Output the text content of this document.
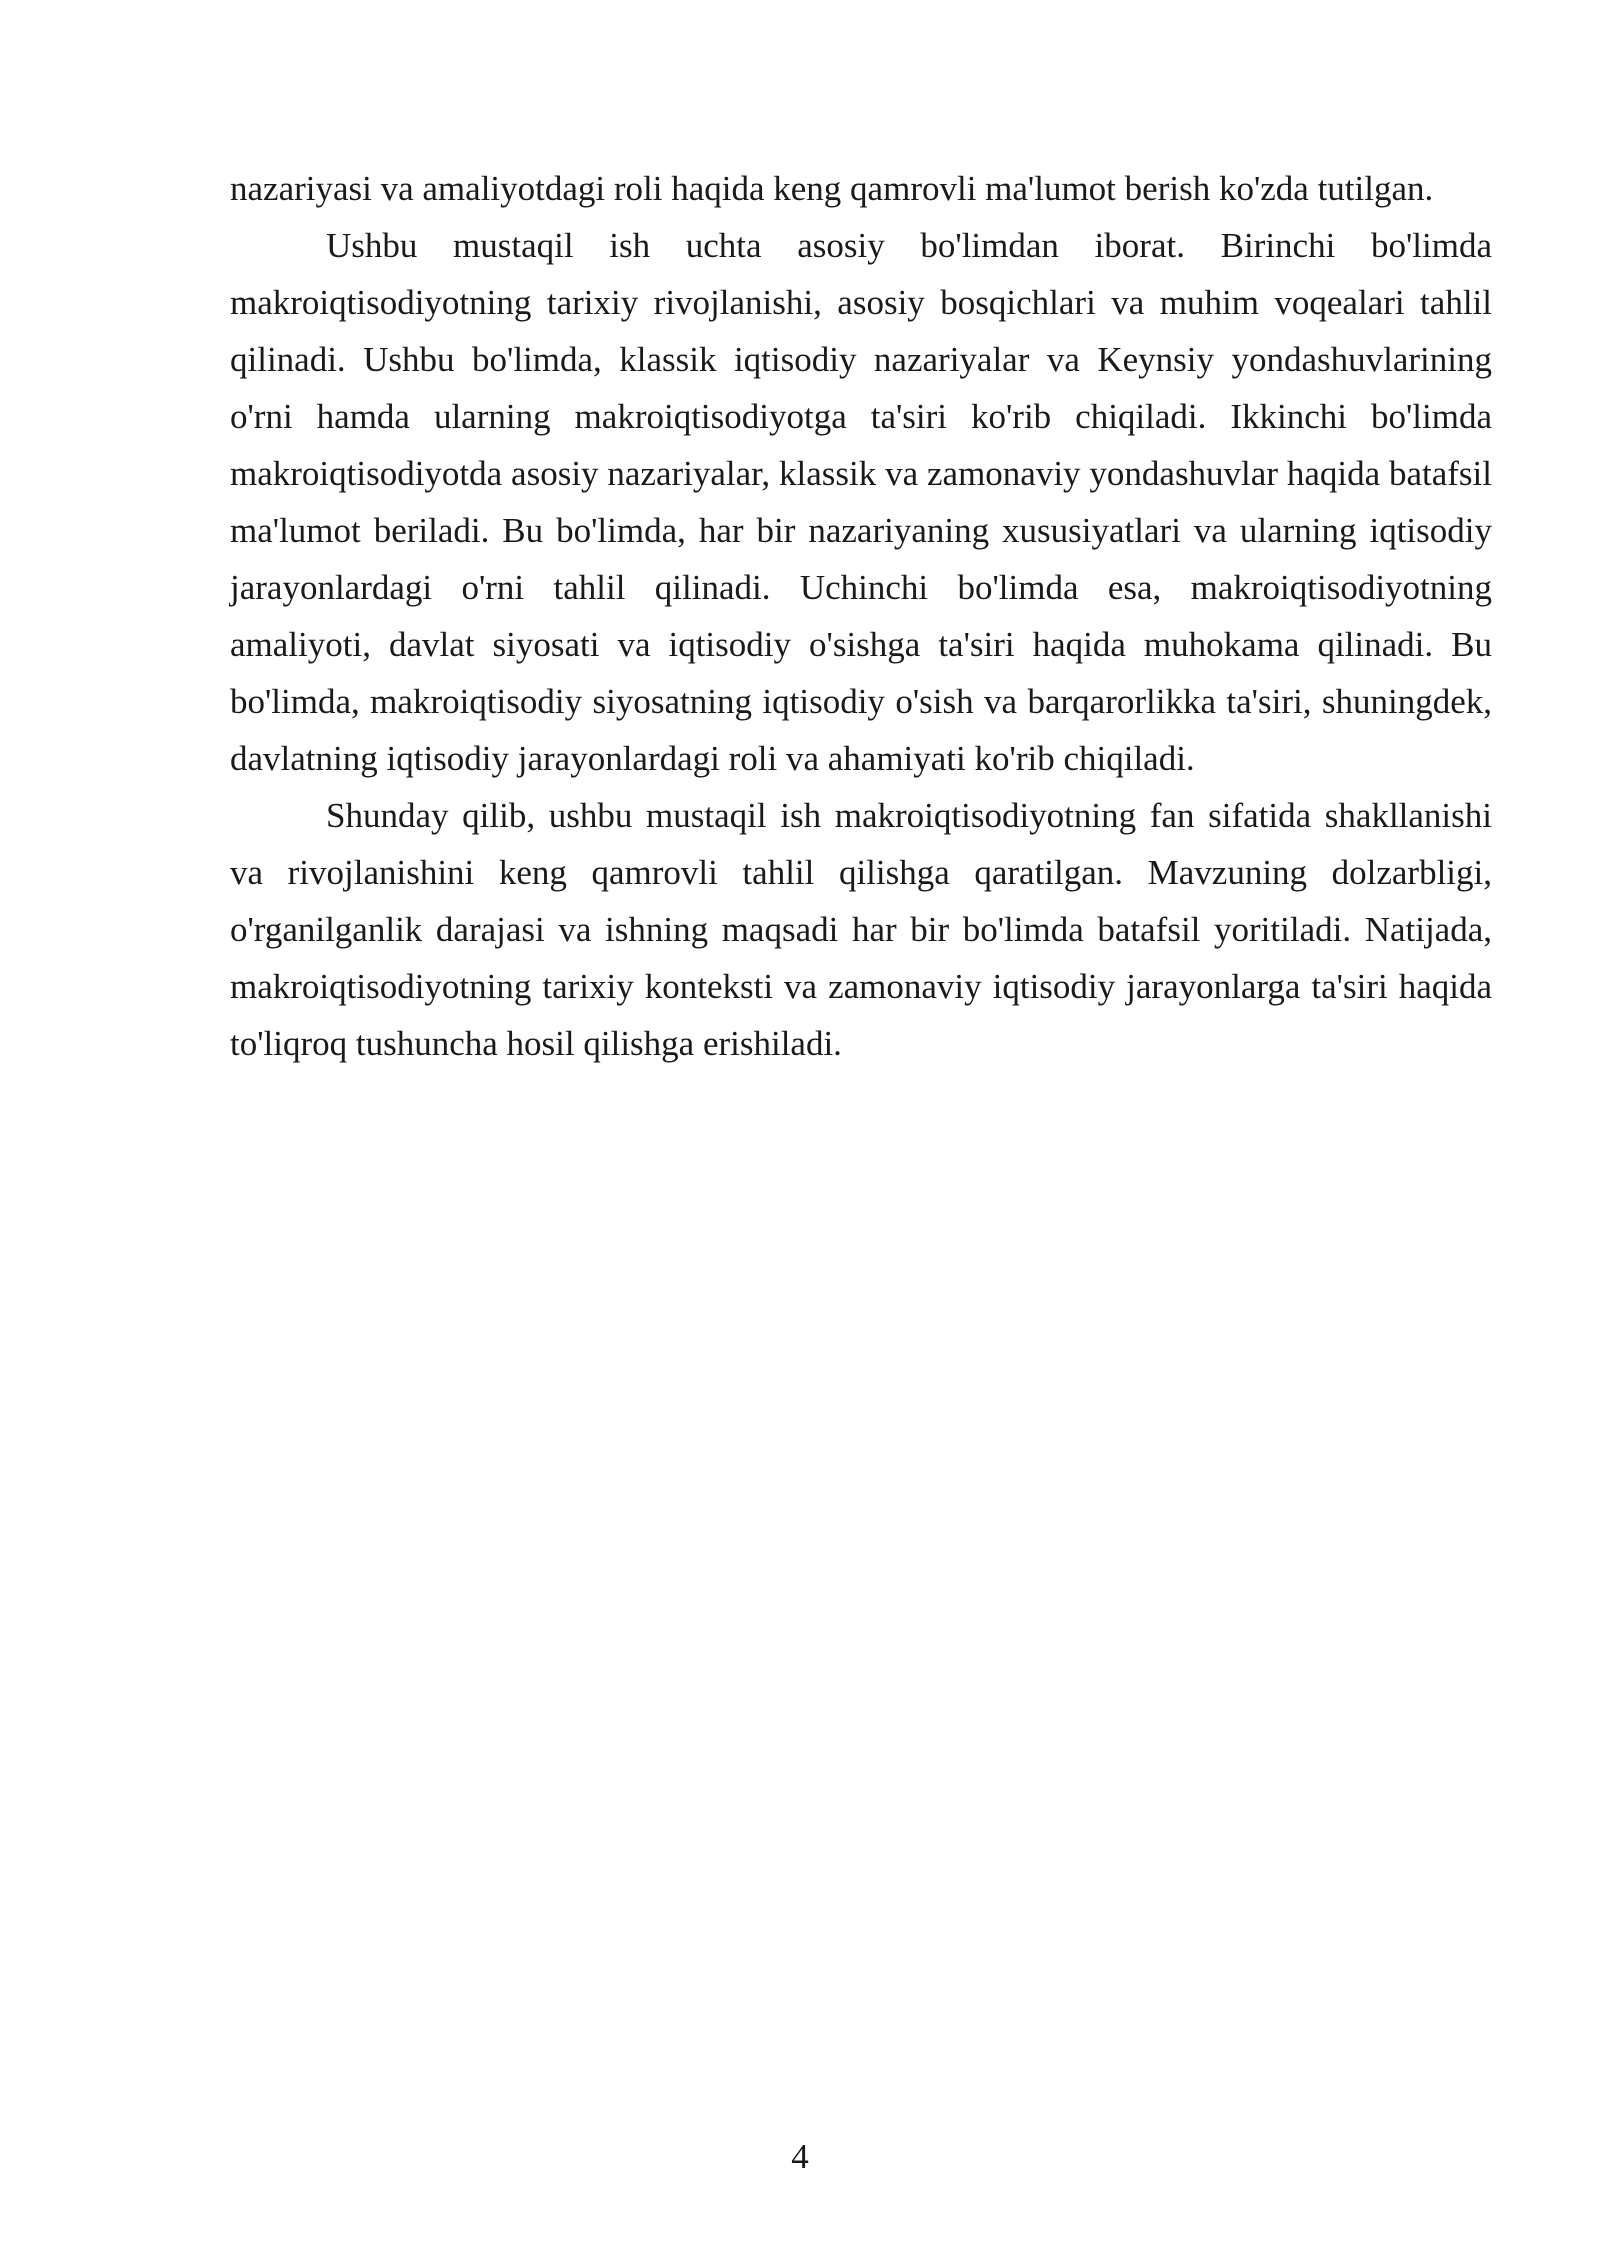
nazariyasi va amaliyotdagi roli haqida keng qamrovli ma'lumot berish ko'zda tutilgan.

Ushbu mustaqil ish uchta asosiy bo'limdan iborat. Birinchi bo'limda makroiqtisodiyotning tarixiy rivojlanishi, asosiy bosqichlari va muhim voqealari tahlil qilinadi. Ushbu bo'limda, klassik iqtisodiy nazariyalar va Keynsiy yondashuvlarining o'rni hamda ularning makroiqtisodiyotga ta'siri ko'rib chiqiladi. Ikkinchi bo'limda makroiqtisodiyotda asosiy nazariyalar, klassik va zamonaviy yondashuvlar haqida batafsil ma'lumot beriladi. Bu bo'limda, har bir nazariyaning xususiyatlari va ularning iqtisodiy jarayonlardagi o'rni tahlil qilinadi. Uchinchi bo'limda esa, makroiqtisodiyotning amaliyoti, davlat siyosati va iqtisodiy o'sishga ta'siri haqida muhokama qilinadi. Bu bo'limda, makroiqtisodiy siyosatning iqtisodiy o'sish va barqarorlikka ta'siri, shuningdek, davlatning iqtisodiy jarayonlardagi roli va ahamiyati ko'rib chiqiladi.

Shunday qilib, ushbu mustaqil ish makroiqtisodiyotning fan sifatida shakllanishi va rivojlanishini keng qamrovli tahlil qilishga qaratilgan. Mavzuning dolzarbligi, o'rganilganlik darajasi va ishning maqsadi har bir bo'limda batafsil yoritiladi. Natijada, makroiqtisodiyotning tarixiy konteksti va zamonaviy iqtisodiy jarayonlarga ta'siri haqida to'liqroq tushuncha hosil qilishga erishiladi.

4
